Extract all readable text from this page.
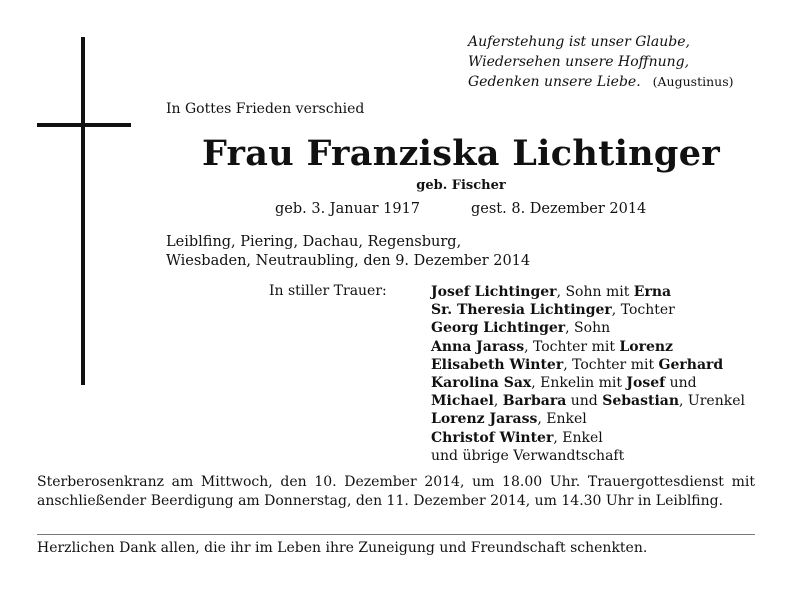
Auferstehung ist unser Glaube,
Wiedersehen unsere Hoffnung,
Gedenken unsere Liebe. (Augustinus)
In Gottes Frieden verschied
Frau Franziska Lichtinger
geb. Fischer
geb. 3. Januar 1917	gest. 8. Dezember 2014
Leiblfing, Piering, Dachau, Regensburg,
Wiesbaden, Neutraubling, den 9. Dezember 2014
In stiller Trauer:	Josef Lichtinger, Sohn mit Erna
Sr. Theresia Lichtinger, Tochter
Georg Lichtinger, Sohn
Anna Jarass, Tochter mit Lorenz
Elisabeth Winter, Tochter mit Gerhard
Karolina Sax, Enkelin mit Josef und
Michael, Barbara und Sebastian, Urenkel
Lorenz Jarass, Enkel
Christof Winter, Enkel
und übrige Verwandtschaft
Sterberosenkranz am Mittwoch, den 10. Dezember 2014, um 18.00 Uhr. Trauergottesdienst mit anschließender Beerdigung am Donnerstag, den 11. Dezember 2014, um 14.30 Uhr in Leiblfing.
Herzlichen Dank allen, die ihr im Leben ihre Zuneigung und Freundschaft schenkten.
